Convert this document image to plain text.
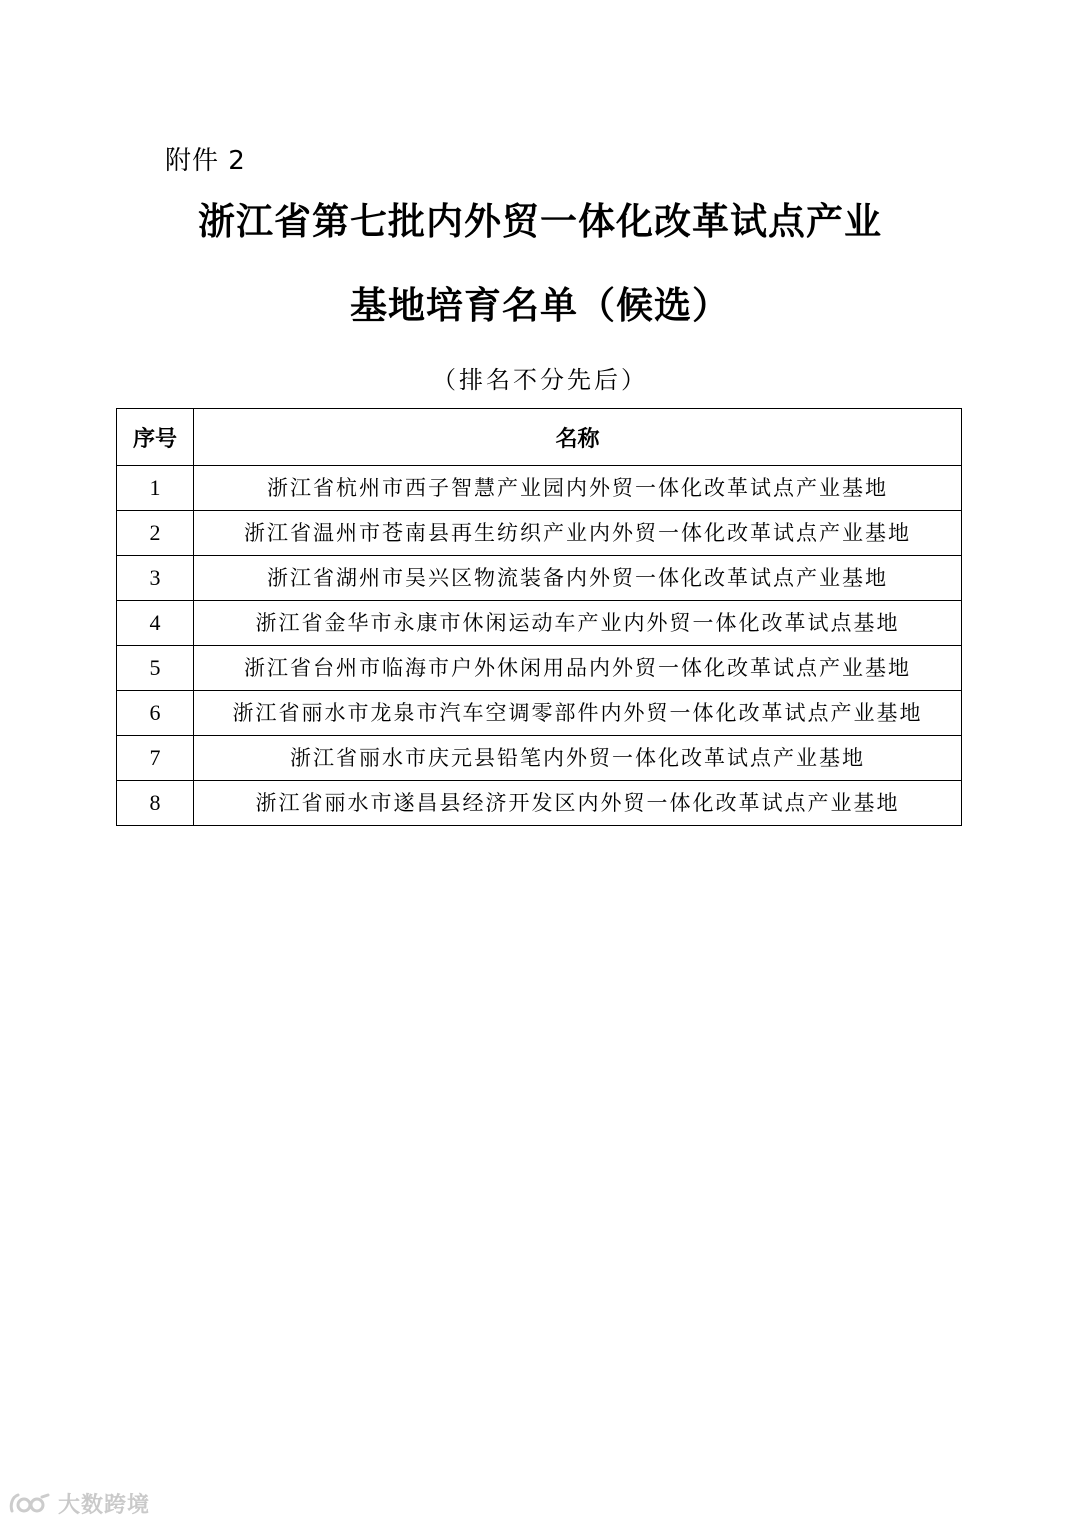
附件 2
浙江省第七批内外贸一体化改革试点产业
基地培育名单（候选）
（排名不分先后）
序号	名称
1	浙江省杭州市西子智慧产业园内外贸一体化改革试点产业基地
2	浙江省温州市苍南县再生纺织产业内外贸一体化改革试点产业基地
3	浙江省湖州市吴兴区物流装备内外贸一体化改革试点产业基地
4	浙江省金华市永康市休闲运动车产业内外贸一体化改革试点基地
5	浙江省台州市临海市户外休闲用品内外贸一体化改革试点产业基地
6	浙江省丽水市龙泉市汽车空调零部件内外贸一体化改革试点产业基地
7	浙江省丽水市庆元县铅笔内外贸一体化改革试点产业基地
8	浙江省丽水市遂昌县经济开发区内外贸一体化改革试点产业基地
大数跨境
